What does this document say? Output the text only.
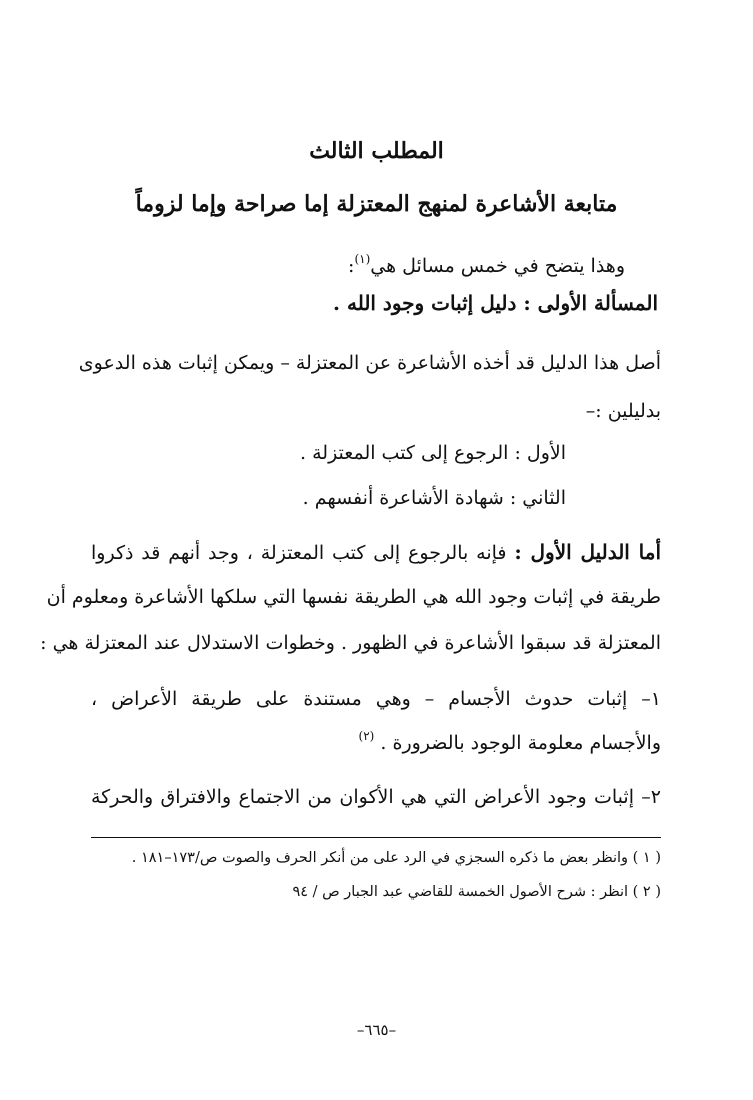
المطلب الثالث
متابعة الأشاعرة لمنهج المعتزلة إما صراحة وإما لزوماً
وهذا يتضح في خمس مسائل هي$^{(١)}$:
المسألة الأولى : دليل إثبات وجود الله .
أصل هذا الدليل قد أخذه الأشاعرة عن المعتزلة – ويمكن إثبات هذه الدعوى
بدليلين :–
الأول : الرجوع إلى كتب المعتزلة .
الثاني : شهادة الأشاعرة أنفسهم .
أما الدليل الأول : فإنه بالرجوع إلى كتب المعتزلة ، وجد أنهم قد ذكروا
طريقة في إثبات وجود الله هي الطريقة نفسها التي سلكها الأشاعرة ومعلوم أن
المعتزلة قد سبقوا الأشاعرة في الظهور . وخطوات الاستدلال عند المعتزلة هي :
١– إثبات حدوث الأجسام – وهي مستندة على طريقة الأعراض ،
والأجسام معلومة الوجود بالضرورة . $^{(٢)}$
٢– إثبات وجود الأعراض التي هي الأكوان من الاجتماع والافتراق والحركة
( ١ ) وانظر بعض ما ذكره السجزي في الرد على من أنكر الحرف والصوت ص/١٧٣–١٨١ .
( ٢ ) انظر : شرح الأصول الخمسة للقاضي عبد الجبار ص / ٩٤
–٦٦٥–
